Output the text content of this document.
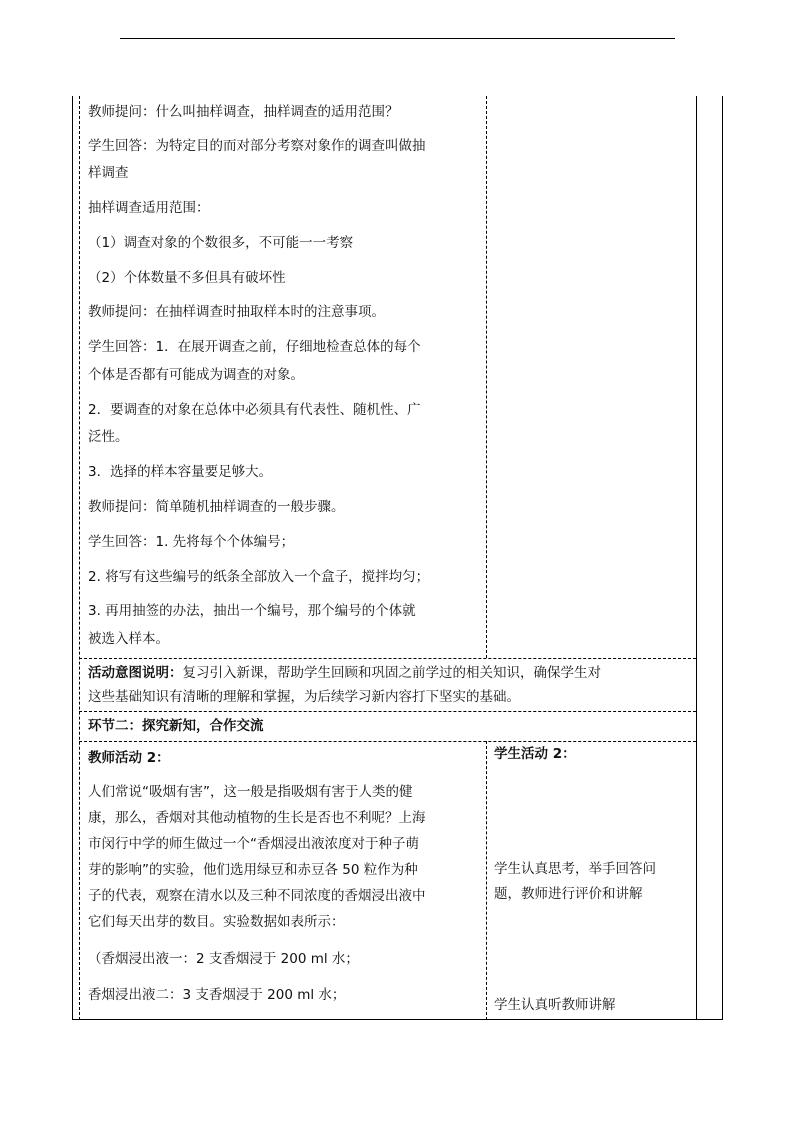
教师提问：什么叫抽样调查，抽样调查的适用范围？
学生回答：为特定目的而对部分考察对象作的调查叫做抽
样调查
抽样调查适用范围：
（1）调查对象的个数很多，不可能一一考察
（2）个体数量不多但具有破坏性
教师提问：在抽样调查时抽取样本时的注意事项。
学生回答：1．在展开调查之前，仔细地检查总体的每个
个体是否都有可能成为调查的对象。
2．要调查的对象在总体中必须具有代表性、随机性、广
泛性。
3．选择的样本容量要足够大。
教师提问：简单随机抽样调查的一般步骤。
学生回答：1. 先将每个个体编号；
2. 将写有这些编号的纸条全部放入一个盒子，搅拌均匀；
3. 再用抽签的办法，抽出一个编号，那个编号的个体就
被选入样本。
活动意图说明：复习引入新课，帮助学生回顾和巩固之前学过的相关知识，确保学生对
这些基础知识有清晰的理解和掌握，为后续学习新内容打下坚实的基础。
环节二：探究新知，合作交流
教师活动 2：
人们常说“吸烟有害”，这一般是指吸烟有害于人类的健
康，那么，香烟对其他动植物的生长是否也不利呢？上海
市闵行中学的师生做过一个“香烟浸出液浓度对于种子萌
芽的影响”的实验，他们选用绿豆和赤豆各 50 粒作为种
子的代表，观察在清水以及三种不同浓度的香烟浸出液中
它们每天出芽的数目。实验数据如表所示：
（香烟浸出液一：2 支香烟浸于 200 ml 水；
香烟浸出液二：3 支香烟浸于 200 ml 水；
学生活动 2：
学生认真思考，举手回答问
题，教师进行评价和讲解
学生认真听教师讲解
